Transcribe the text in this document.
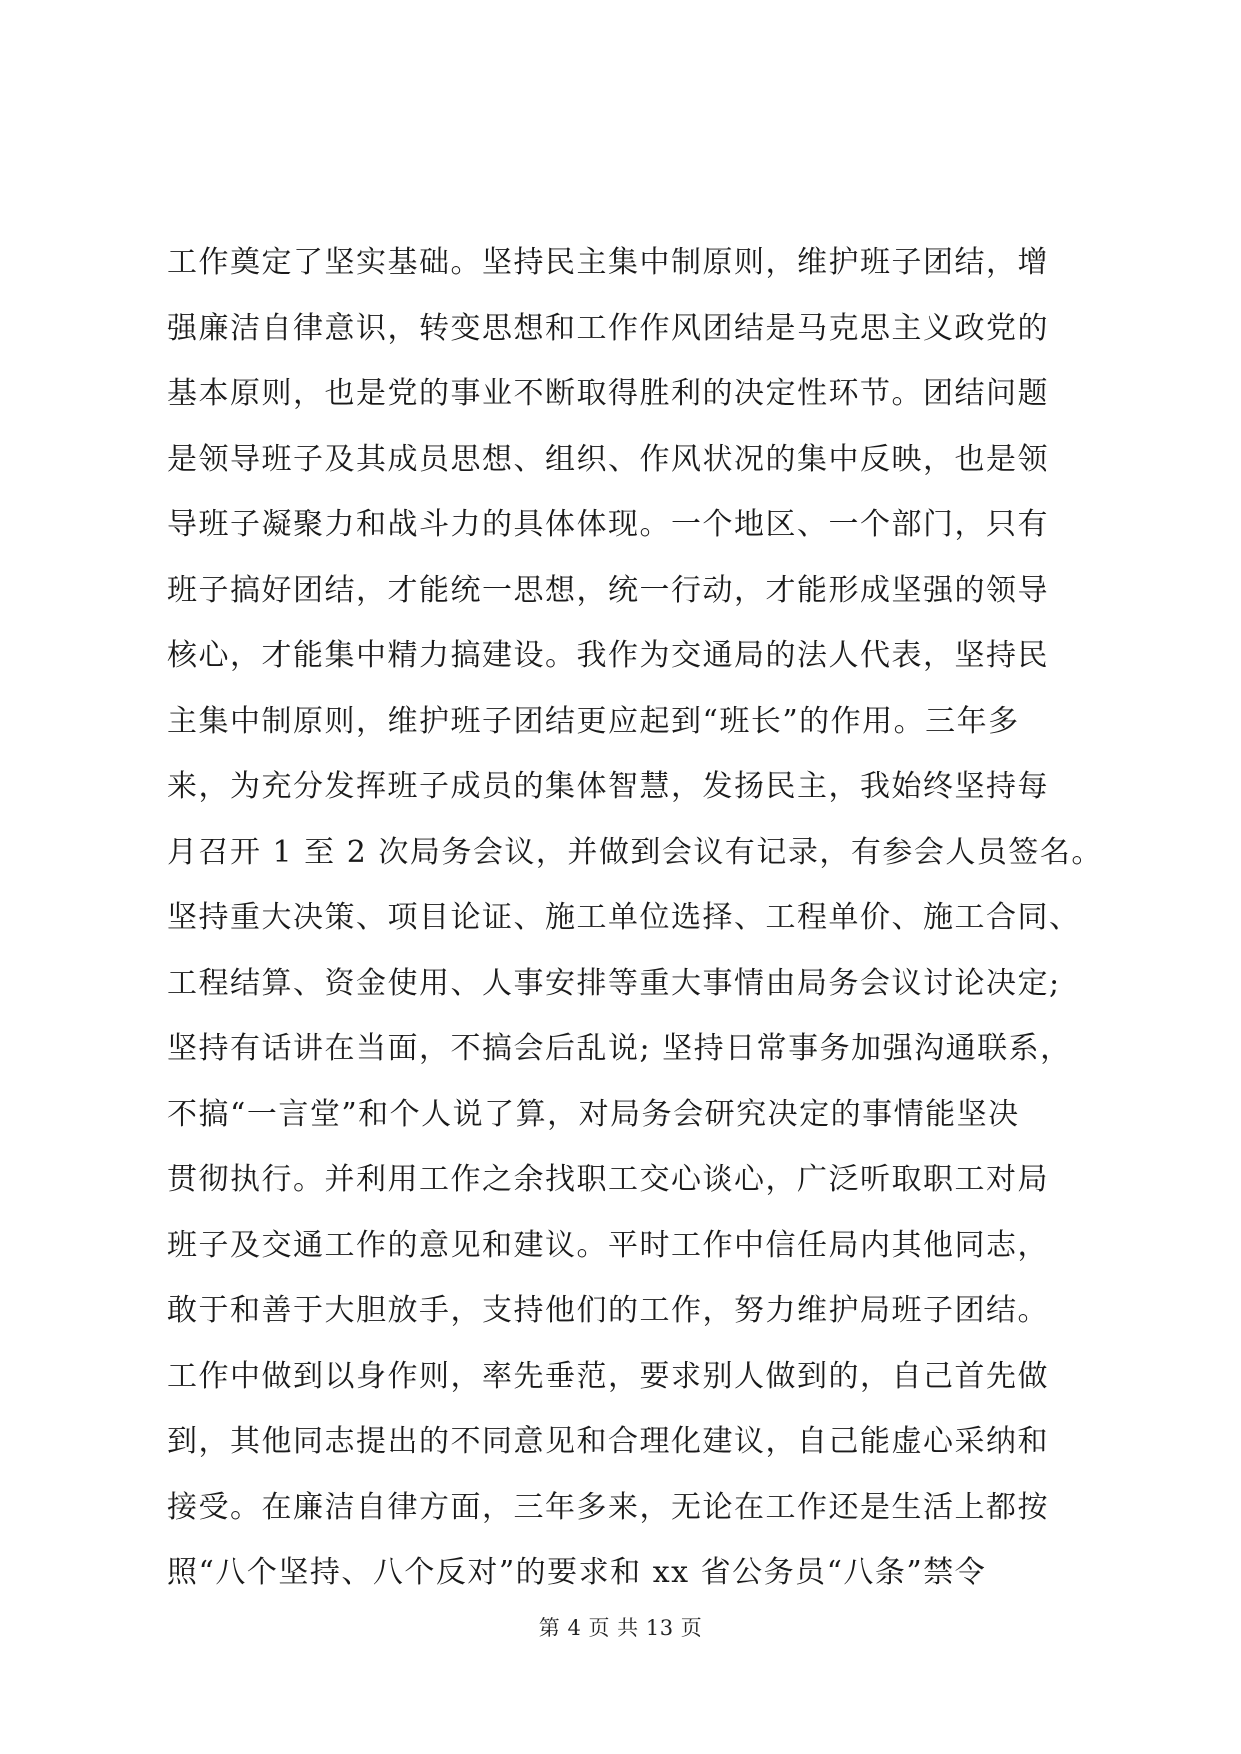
工作奠定了坚实基础。坚持民主集中制原则，维护班子团结，增
强廉洁自律意识，转变思想和工作作风团结是马克思主义政党的
基本原则，也是党的事业不断取得胜利的决定性环节。团结问题
是领导班子及其成员思想、组织、作风状况的集中反映，也是领
导班子凝聚力和战斗力的具体体现。一个地区、一个部门，只有
班子搞好团结，才能统一思想，统一行动，才能形成坚强的领导
核心，才能集中精力搞建设。我作为交通局的法人代表，坚持民
主集中制原则，维护班子团结更应起到“班长”的作用。三年多
来，为充分发挥班子成员的集体智慧，发扬民主，我始终坚持每
月召开 1 至 2 次局务会议，并做到会议有记录，有参会人员签名。
坚持重大决策、项目论证、施工单位选择、工程单价、施工合同、
工程结算、资金使用、人事安排等重大事情由局务会议讨论决定;
坚持有话讲在当面，不搞会后乱说; 坚持日常事务加强沟通联系，
不搞“一言堂”和个人说了算，对局务会研究决定的事情能坚决
贯彻执行。并利用工作之余找职工交心谈心，广泛听取职工对局
班子及交通工作的意见和建议。平时工作中信任局内其他同志，
敢于和善于大胆放手，支持他们的工作，努力维护局班子团结。
工作中做到以身作则，率先垂范，要求别人做到的，自己首先做
到，其他同志提出的不同意见和合理化建议，自己能虚心采纳和
接受。在廉洁自律方面，三年多来，无论在工作还是生活上都按
照“八个坚持、八个反对”的要求和 xx 省公务员“八条”禁令
第 4 页 共 13 页
